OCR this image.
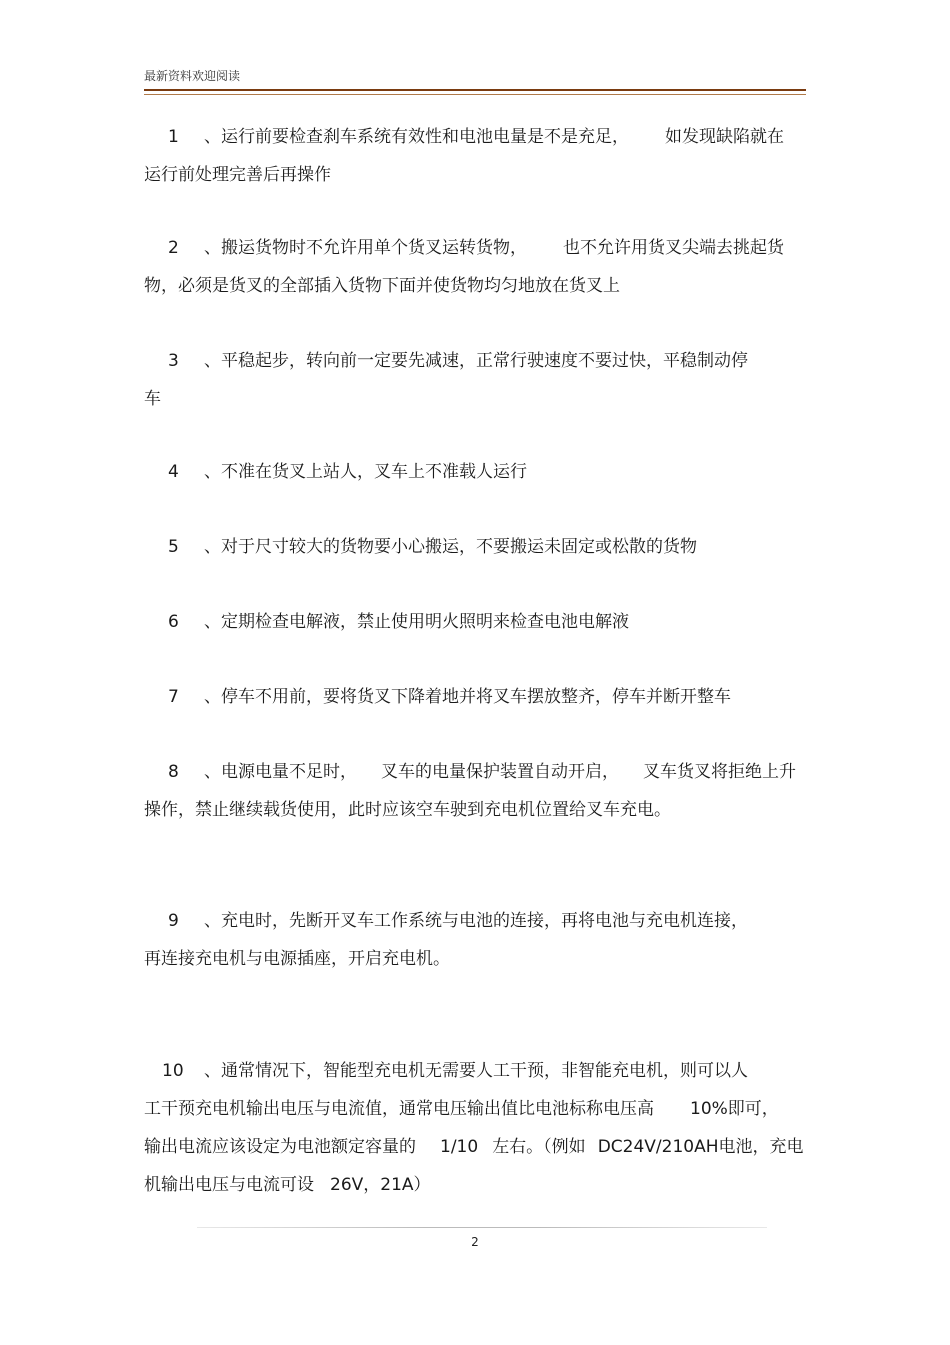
最新资料欢迎阅读
1 、运行前要检查刹车系统有效性和电池电量是不是充足， 如发现缺陷就在
运行前处理完善后再操作
2 、搬运货物时不允许用单个货叉运转货物， 也不允许用货叉尖端去挑起货
物，必须是货叉的全部插入货物下面并使货物均匀地放在货叉上
3 、平稳起步，转向前一定要先减速，正常行驶速度不要过快，平稳制动停
车
4 、不准在货叉上站人，叉车上不准载人运行
5 、对于尺寸较大的货物要小心搬运，不要搬运未固定或松散的货物
6 、定期检查电解液，禁止使用明火照明来检查电池电解液
7 、停车不用前，要将货叉下降着地并将叉车摆放整齐，停车并断开整车
8 、电源电量不足时， 叉车的电量保护装置自动开启， 叉车货叉将拒绝上升
操作，禁止继续载货使用，此时应该空车驶到充电机位置给叉车充电。
9 、充电时，先断开叉车工作系统与电池的连接，再将电池与充电机连接，
再连接充电机与电源插座，开启充电机。
10 、通常情况下，智能型充电机无需要人工干预，非智能充电机，则可以人
工干预充电机输出电压与电流值，通常电压输出值比电池标称电压高 10%即可，
输出电流应该设定为电池额定容量的 1/10 左右。（例如 DC24V/210AH电池，充电
机输出电压与电流可设 26V，21A）
2
